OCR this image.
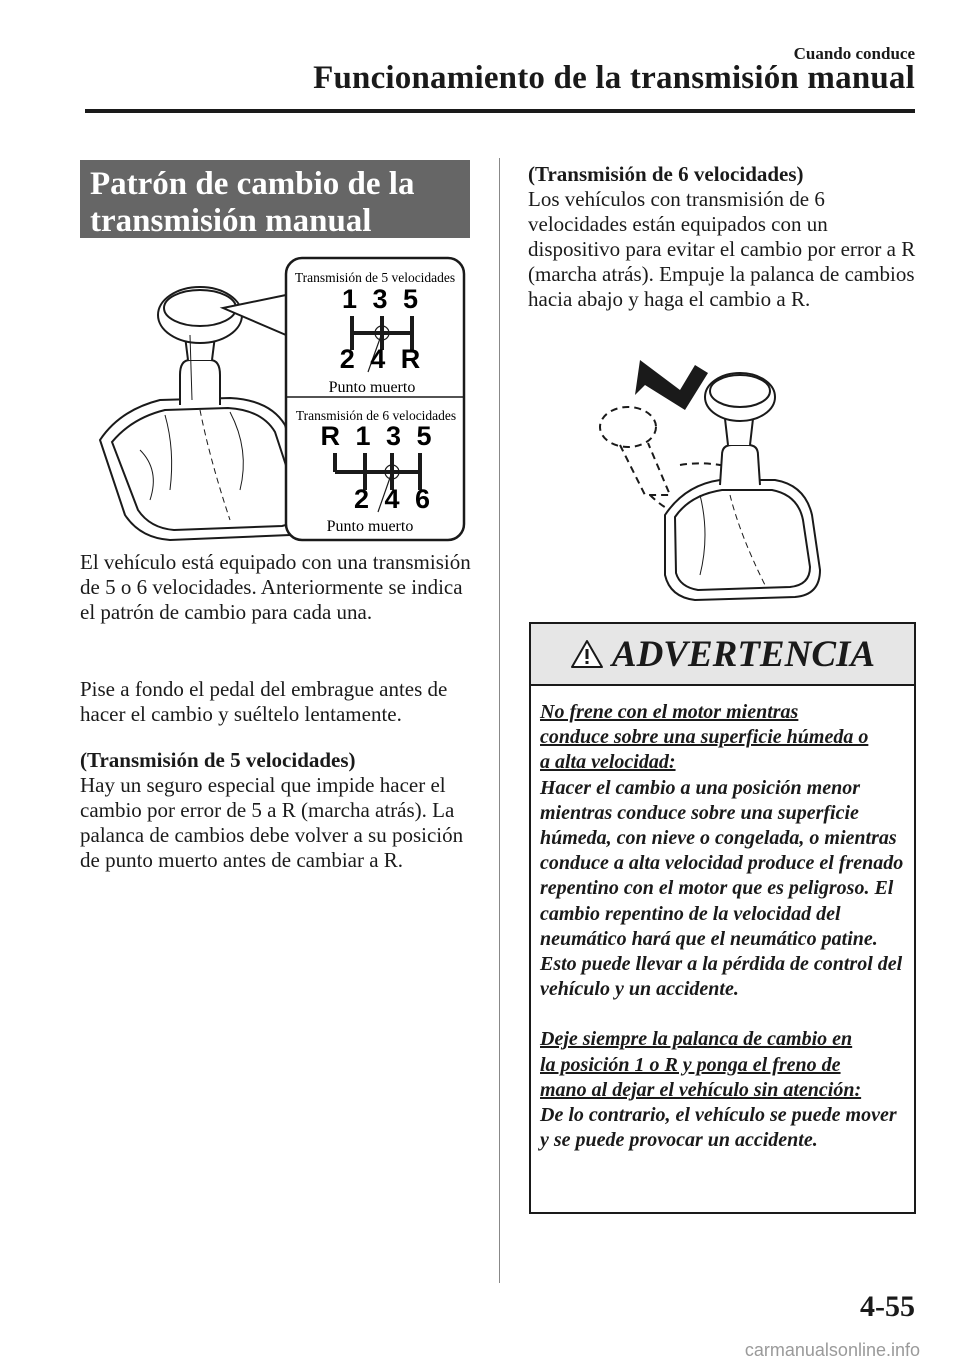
Cuando conduce
Funcionamiento de la transmisión manual
Patrón de cambio de la
transmisión manual
Transmisión de 5 velocidades
1 3 5
2 4 R
Punto muerto
Transmisión de 6 velocidades
R 1 3 5
2 4 6
Punto muerto

El vehículo está equipado con una transmisión de 5 o 6 velocidades. Anteriormente se indica el patrón de cambio para cada una.

Pise a fondo el pedal del embrague antes de hacer el cambio y suéltelo lentamente.

(Transmisión de 5 velocidades)
Hay un seguro especial que impide hacer el cambio por error de 5 a R (marcha atrás). La palanca de cambios debe volver a su posición de punto muerto antes de cambiar a R.

(Transmisión de 6 velocidades)
Los vehículos con transmisión de 6 velocidades están equipados con un dispositivo para evitar el cambio por error a R (marcha atrás). Empuje la palanca de cambios hacia abajo y haga el cambio a R.

ADVERTENCIA
No frene con el motor mientras
conduce sobre una superficie húmeda o
a alta velocidad:
Hacer el cambio a una posición menor mientras conduce sobre una superficie húmeda, con nieve o congelada, o mientras conduce a alta velocidad produce el frenado repentino con el motor que es peligroso. El cambio repentino de la velocidad del neumático hará que el neumático patine. Esto puede llevar a la pérdida de control del vehículo y un accidente.
Deje siempre la palanca de cambio en
la posición 1 o R y ponga el freno de
mano al dejar el vehículo sin atención:
De lo contrario, el vehículo se puede mover y se puede provocar un accidente.
4-55
carmanualsonline.info
